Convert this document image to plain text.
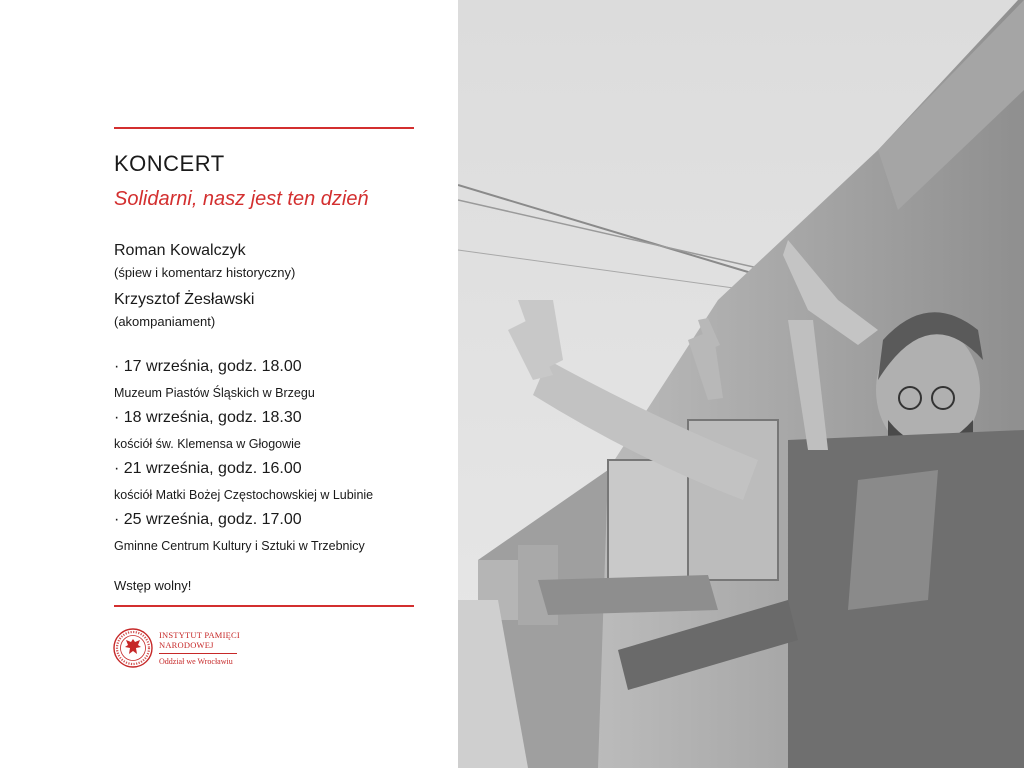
KONCERT
Solidarni, nasz jest ten dzień
Roman Kowalczyk
(śpiew i komentarz historyczny)
Krzysztof Żesławski
(akompaniament)
· 17 września, godz. 18.00
Muzeum Piastów Śląskich w Brzegu
· 18 września, godz. 18.30
kościół św. Klemensa w Głogowie
· 21 września, godz. 16.00
kościół Matki Bożej Częstochowskiej w Lubinie
· 25 września, godz. 17.00
Gminne Centrum Kultury i Sztuki w Trzebnicy
Wstęp wolny!
INSTYTUT PAMIĘCI
NARODOWEJ
Oddział we Wrocławiu
